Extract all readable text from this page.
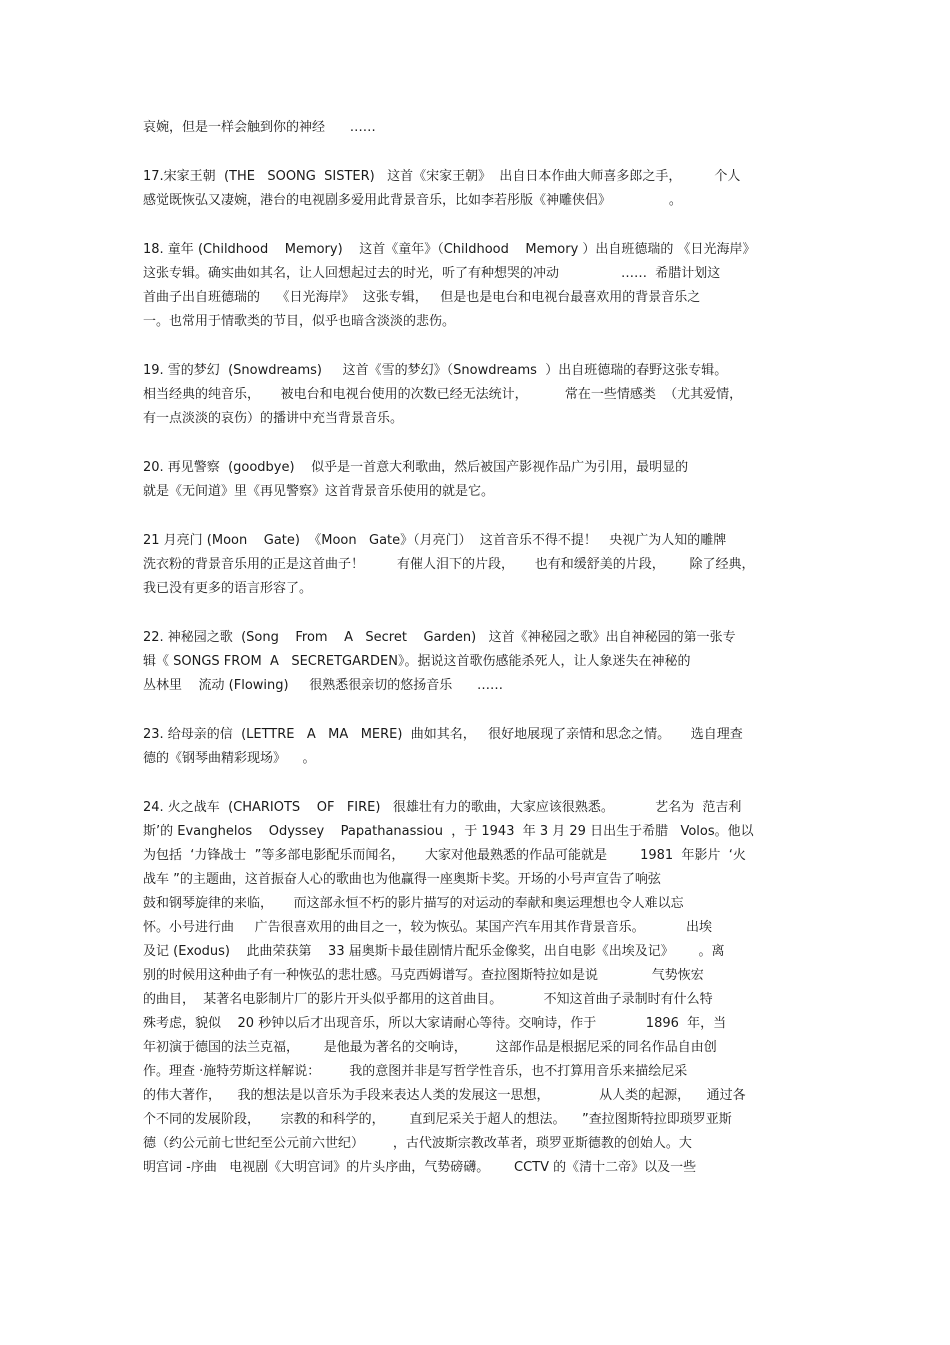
哀婉，但是一样会触到你的神经      ……
17.宋家王朝  (THE   SOONG  SISTER)   这首《宋家王朝》  出自日本作曲大师喜多郎之手，        个人
感觉既恢弘又凄婉，港台的电视剧多爱用此背景音乐，比如李若彤版《神雕侠侣》              。
18. 童年 (Childhood    Memory)    这首《童年》（Childhood    Memory ）出自班德瑞的 《日光海岸》
这张专辑。确实曲如其名，让人回想起过去的时光，听了有种想哭的冲动               ……  希腊计划这
首曲子出自班德瑞的    《日光海岸》  这张专辑，   但是也是电台和电视台最喜欢用的背景音乐之
一。也常用于情歌类的节目，似乎也暗含淡淡的悲伤。
19. 雪的梦幻  (Snowdreams)     这首《雪的梦幻》（Snowdreams  ）出自班德瑞的春野这张专辑。
相当经典的纯音乐，     被电台和电视台使用的次数已经无法统计，         常在一些情感类  （尤其爱情，
有一点淡淡的哀伤）的播讲中充当背景音乐。
20. 再见警察  (goodbye)    似乎是一首意大利歌曲，然后被国产影视作品广为引用，最明显的
就是《无间道》里《再见警察》这首背景音乐使用的就是它。
21 月亮门 (Moon    Gate)  《Moon   Gate》（月亮门）  这首音乐不得不提！   央视广为人知的雕牌
洗衣粉的背景音乐用的正是这首曲子！        有催人泪下的片段，     也有和缓舒美的片段，      除了经典，
我已没有更多的语言形容了。
22. 神秘园之歌  (Song    From    A   Secret    Garden)   这首《神秘园之歌》出自神秘园的第一张专
辑《 SONGS FROM  A   SECRETGARDEN》。据说这首歌伤感能杀死人，让人象迷失在神秘的
丛林里    流动 (Flowing)     很熟悉很亲切的悠扬音乐      ……
23. 给母亲的信  (LETTRE   A   MA   MERE)  曲如其名，   很好地展现了亲情和思念之情。     选自理查
德的《钢琴曲精彩现场》    。
24. 火之战车  (CHARIOTS    OF   FIRE)   很雄壮有力的歌曲，大家应该很熟悉。          艺名为  范吉利
斯’的 Evanghelos    Odyssey    Papathanassiou  ，于 1943  年 3 月 29 日出生于希腊   Volos。他以
为包括  ‘力锋战士  ”等多部电影配乐而闻名，     大家对他最熟悉的作品可能就是        1981  年影片  ‘火
战车 ”的主题曲，这首振奋人心的歌曲也为他赢得一座奥斯卡奖。开场的小号声宣告了响弦
鼓和钢琴旋律的来临，     而这部永恒不朽的影片描写的对运动的奉献和奥运理想也令人难以忘
怀。小号进行曲     广告很喜欢用的曲目之一，较为恢弘。某国产汽车用其作背景音乐。          出埃
及记 (Exodus)    此曲荣获第    33 届奥斯卡最佳剧情片配乐金像奖，出自电影《出埃及记》      。离
别的时候用这种曲子有一种恢弘的悲壮感。马克西姆谱写。查拉图斯特拉如是说             气势恢宏
的曲目，  某著名电影制片厂的影片开头似乎都用的这首曲目。          不知这首曲子录制时有什么特
殊考虑，貌似    20 秒钟以后才出现音乐，所以大家请耐心等待。交响诗，作于            1896  年，当
年初演于德国的法兰克福，      是他最为著名的交响诗，       这部作品是根据尼采的同名作品自由创
作。理查 ·施特劳斯这样解说：       我的意图并非是写哲学性音乐，也不打算用音乐来描绘尼采
的伟大著作，    我的想法是以音乐为手段来表达人类的发展这一思想，            从人类的起源，    通过各
个不同的发展阶段，     宗教的和科学的，      直到尼采关于超人的想法。    ”查拉图斯特拉即琐罗亚斯
德（约公元前七世纪至公元前六世纪）       ，古代波斯宗教改革者，琐罗亚斯德教的创始人。大
明宫词 -序曲   电视剧《大明宫词》的片头序曲，气势磅礴。      CCTV 的《清十二帝》以及一些
